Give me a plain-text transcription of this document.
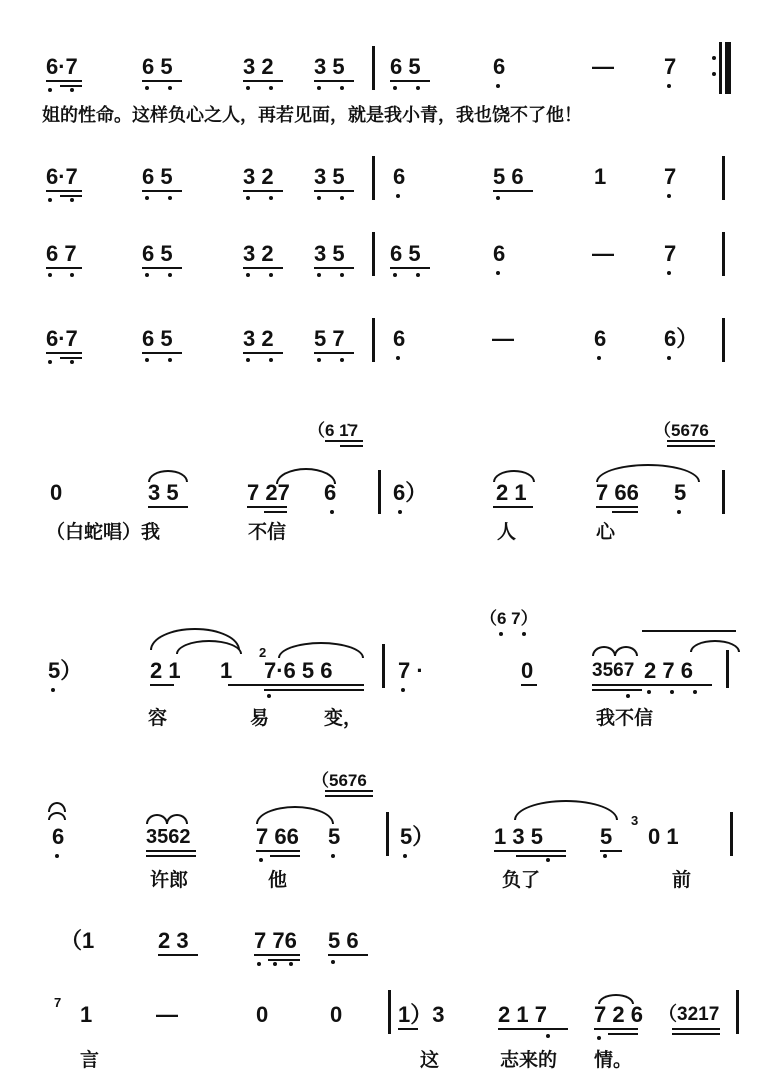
6·7	6 5	3 2 3 5 6 5	6	— 7
姐的性命。这样负心之人，再若见面，就是我小青，我也饶不了他！
6·7	6 5	3 2 3 5 6	5 6	1	7
6 7	6 5	3 2 3 5 6 5	6	— 7
6·7	6 5	3 2 5 7 6	—	6	6）
（6 1̇7	（5676
0	3 5	7 27 6	6）	2 1	7 66 5
（白蛇唱）我	不信	人	心
（6 7）
5）	2 1 1
2
7·6 5 6	7 ·	0	3567 2 7 6
容	易	变，	我不信
（5676
6	3562	7 66 5	5）	1 3 5	5
3
0 1
许郎	他	负了	前
（1	2 3	7 76 5 6
7 1	—	0	0	1）3 2 1 7 7 2 6 （3217
言	这	志来的 情。
